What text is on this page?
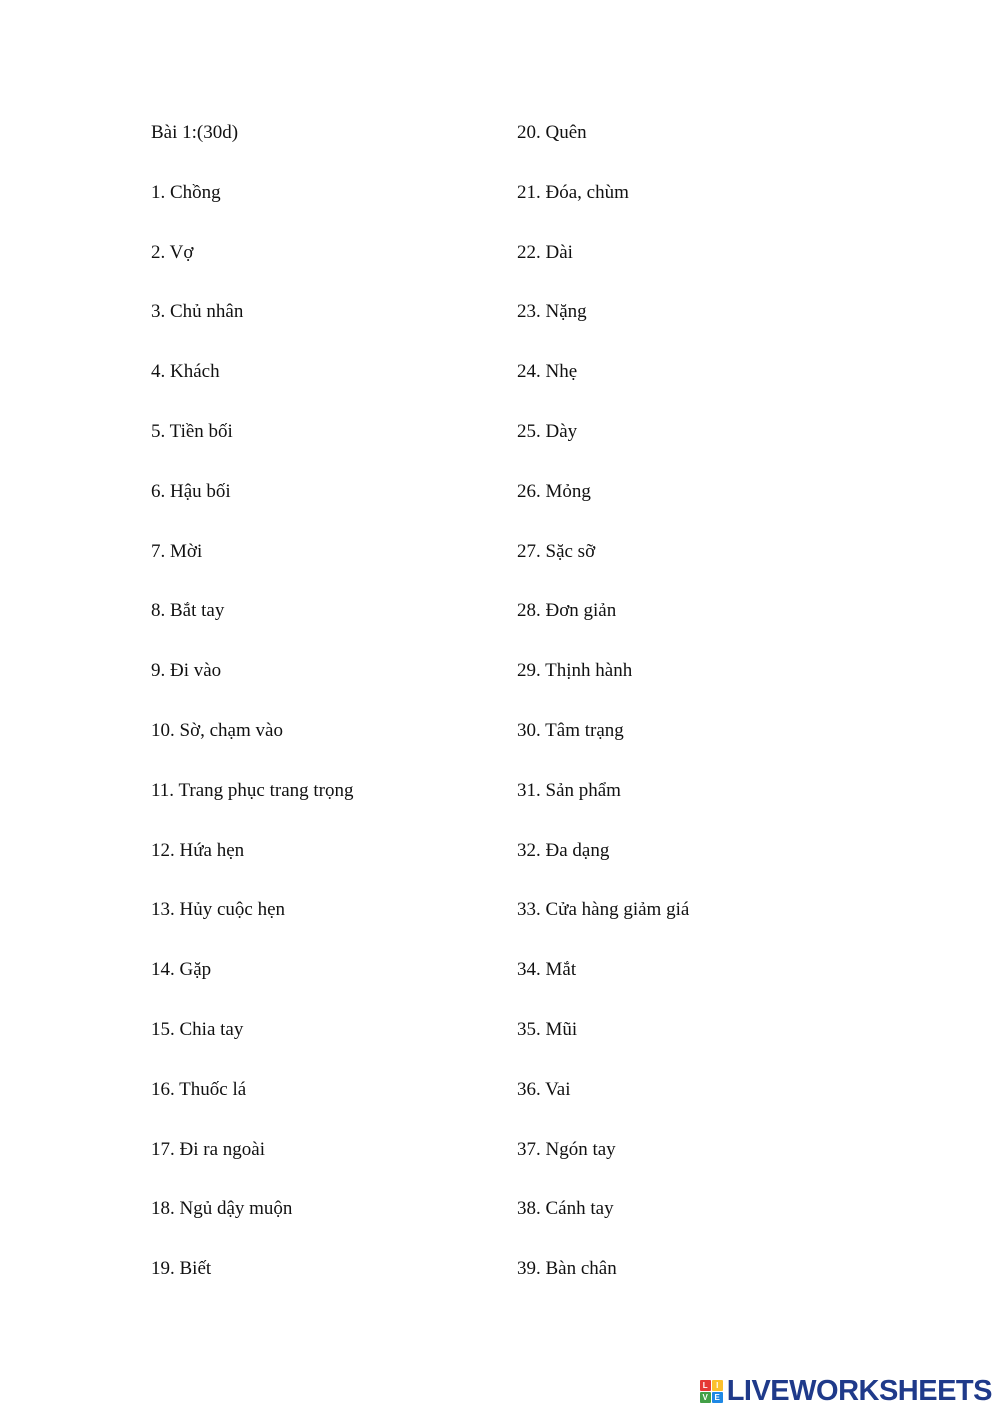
Bài 1:(30d)
1. Chồng
2. Vợ
3. Chủ nhân
4. Khách
5. Tiền bối
6. Hậu bối
7. Mời
8. Bắt tay
9. Đi vào
10. Sờ, chạm vào
11. Trang phục trang trọng
12. Hứa hẹn
13. Hủy cuộc hẹn
14. Gặp
15. Chia tay
16. Thuốc lá
17. Đi ra ngoài
18. Ngủ dậy muộn
19. Biết
20. Quên
21. Đóa, chùm
22. Dài
23. Nặng
24. Nhẹ
25. Dày
26. Mỏng
27. Sặc sỡ
28. Đơn giản
29. Thịnh hành
30. Tâm trạng
31. Sản phẩm
32. Đa dạng
33. Cửa hàng giảm giá
34. Mắt
35. Mũi
36. Vai
37. Ngón tay
38. Cánh tay
39. Bàn chân
L	I
V E LIVEWORKSHEETS
